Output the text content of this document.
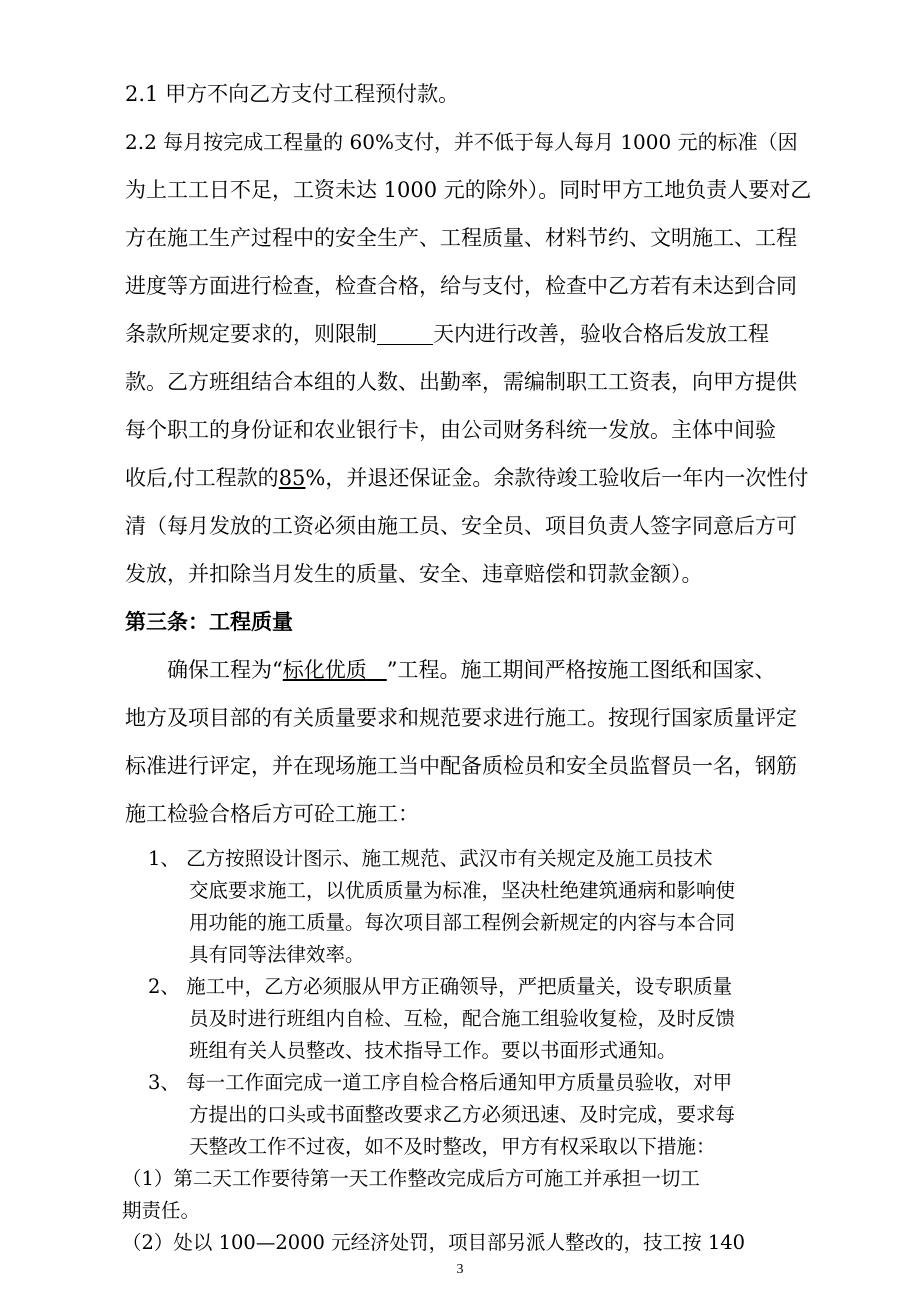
2.1 甲方不向乙方支付工程预付款。
2.2 每月按完成工程量的 60%支付，并不低于每人每月 1000 元的标准（因
为上工工日不足，工资未达 1000 元的除外）。同时甲方工地负责人要对乙
方在施工生产过程中的安全生产、工程质量、材料节约、文明施工、工程
进度等方面进行检查，检查合格，给与支付，检查中乙方若有未达到合同
条款所规定要求的，则限制	天内进行改善，验收合格后发放工程
款。乙方班组结合本组的人数、出勤率，需编制职工工资表，向甲方提供
每个职工的身份证和农业银行卡，由公司财务科统一发放。主体中间验
收后,付工程款的85%，并退还保证金。余款待竣工验收后一年内一次性付
清（每月发放的工资必须由施工员、安全员、项目负责人签字同意后方可
发放，并扣除当月发生的质量、安全、违章赔偿和罚款金额）。
第三条：工程质量
确保工程为“标化优质 ”工程。施工期间严格按施工图纸和国家、
地方及项目部的有关质量要求和规范要求进行施工。按现行国家质量评定
标准进行评定，并在现场施工当中配备质检员和安全员监督员一名，钢筋
施工检验合格后方可砼工施工：
1、 乙方按照设计图示、施工规范、武汉市有关规定及施工员技术
交底要求施工，以优质质量为标准，坚决杜绝建筑通病和影响使
用功能的施工质量。每次项目部工程例会新规定的内容与本合同
具有同等法律效率。
2、 施工中，乙方必须服从甲方正确领导，严把质量关，设专职质量
员及时进行班组内自检、互检，配合施工组验收复检，及时反馈
班组有关人员整改、技术指导工作。要以书面形式通知。
3、 每一工作面完成一道工序自检合格后通知甲方质量员验收，对甲
方提出的口头或书面整改要求乙方必须迅速、及时完成，要求每
天整改工作不过夜，如不及时整改，甲方有权采取以下措施：
（1）第二天工作要待第一天工作整改完成后方可施工并承担一切工
期责任。
（2）处以 100—2000 元经济处罚，项目部另派人整改的，技工按 140
3
